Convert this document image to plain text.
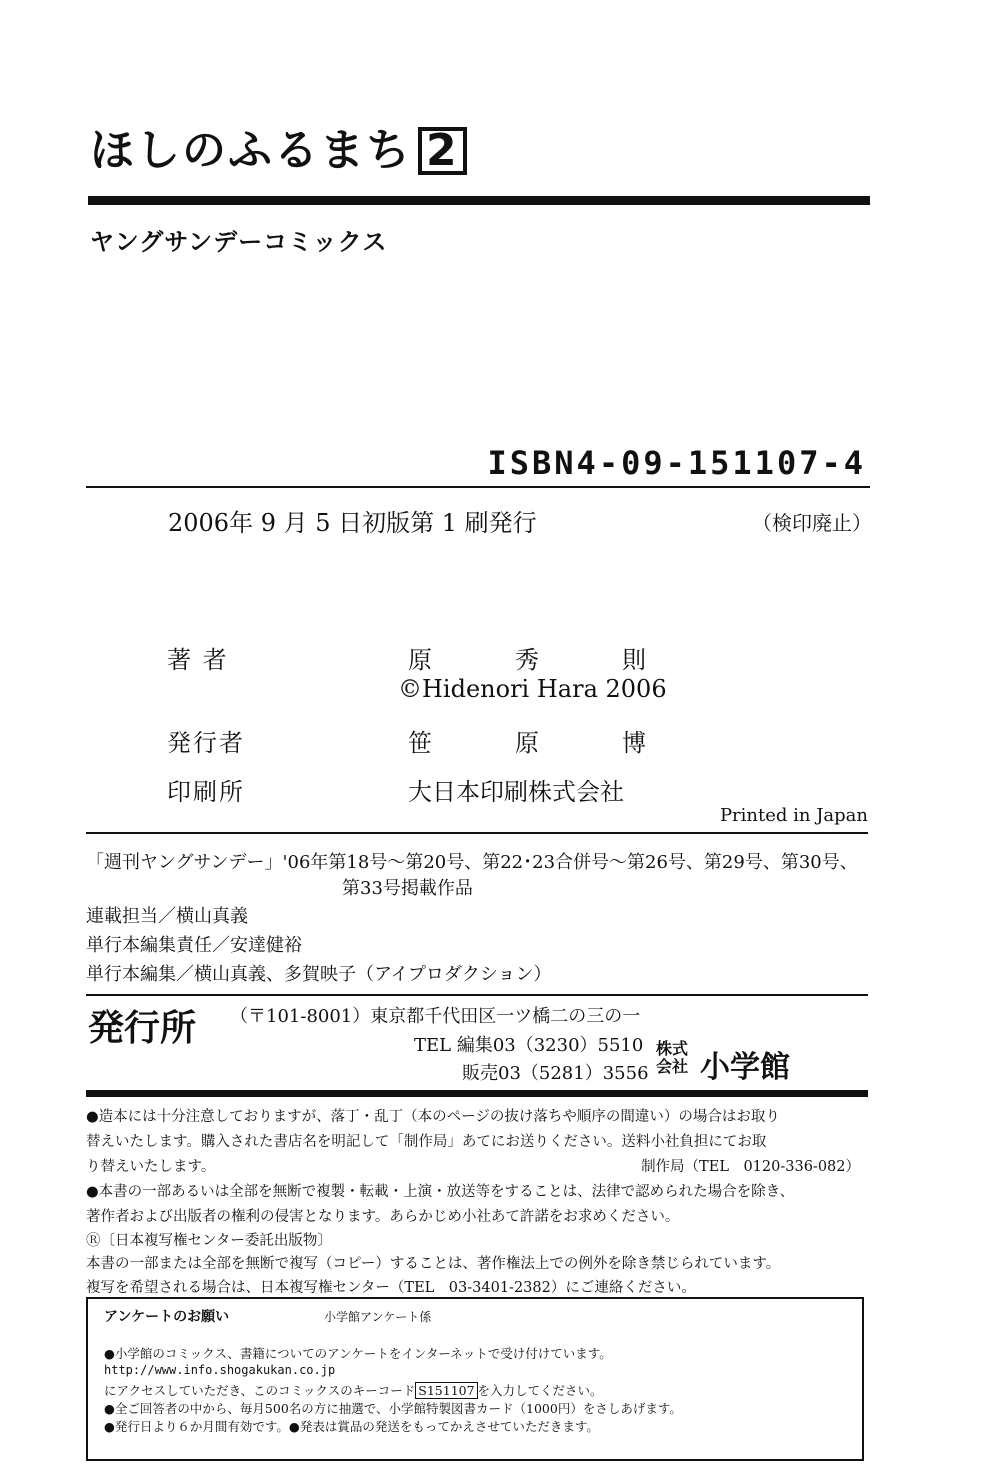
ほしのふるまち 2
ヤングサンデーコミックス
ISBN4-09-151107-4
2006年 9 月 5 日初版第 1 刷発行	（検印廃止）
著 者	原	秀	則
©Hidenori Hara 2006
発行者	笹	原	博
印刷所	大日本印刷株式会社
Printed in Japan
「週刊ヤングサンデー」'06年第18号～第20号、第22･23合併号～第26号、第29号、第30号、
第33号掲載作品
連載担当／横山真義
単行本編集責任／安達健裕
単行本編集／横山真義、多賀映子（アイプロダクション）
発行所 （〒101-8001）東京都千代田区一ツ橋二の三の一
TEL 編集03（3230）5510
販売03（5281）3556
株式会社 小学館
●造本には十分注意しておりますが、落丁・乱丁（本のページの抜け落ちや順序の間違い）の場合はお取り
替えいたします。購入された書店名を明記して「制作局」あてにお送りください。送料小社負担にてお取
り替えいたします。	制作局（TEL　0120-336-082）
●本書の一部あるいは全部を無断で複製・転載・上演・放送等をすることは、法律で認められた場合を除き、
著作者および出版者の権利の侵害となります。あらかじめ小社あて許諾をお求めください。
Ⓡ〔日本複写権センター委託出版物〕
本書の一部または全部を無断で複写（コピー）することは、著作権法上での例外を除き禁じられています。
複写を希望される場合は、日本複写権センター（TEL　03-3401-2382）にご連絡ください。
アンケートのお願い	小学館アンケート係
●小学館のコミックス、書籍についてのアンケートをインターネットで受け付けています。
http://www.info.shogakukan.co.jp
にアクセスしていただき、このコミックスのキーコード S151107 を入力してください。
●全ご回答者の中から、毎月500名の方に抽選で、小学館特製図書カード（1000円）をさしあげます。
●発行日より６か月間有効です。●発表は賞品の発送をもってかえさせていただきます。
